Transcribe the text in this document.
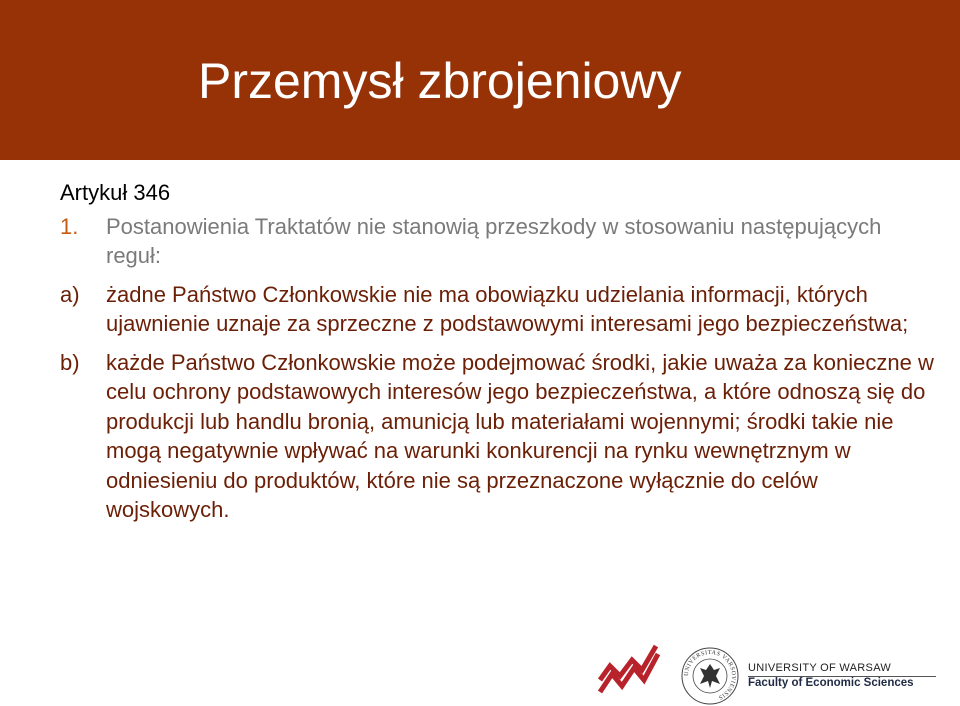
Przemysł zbrojeniowy
Artykuł 346
1. Postanowienia Traktatów nie stanowią przeszkody w stosowaniu następujących reguł:
a) żadne Państwo Członkowskie nie ma obowiązku udzielania informacji, których ujawnienie uznaje za sprzeczne z podstawowymi interesami jego bezpieczeństwa;
b) każde Państwo Członkowskie może podejmować środki, jakie uważa za konieczne w celu ochrony podstawowych interesów jego bezpieczeństwa, a które odnoszą się do produkcji lub handlu bronią, amunicją lub materiałami wojennymi; środki takie nie mogą negatywnie wpływać na warunki konkurencji na rynku wewnętrznym w odniesieniu do produktów, które nie są przeznaczone wyłącznie do celów wojskowych.
UNIVERSITAS VARSOVIENSIS
UNIVERSITY OF WARSAW
Faculty of Economic Sciences
